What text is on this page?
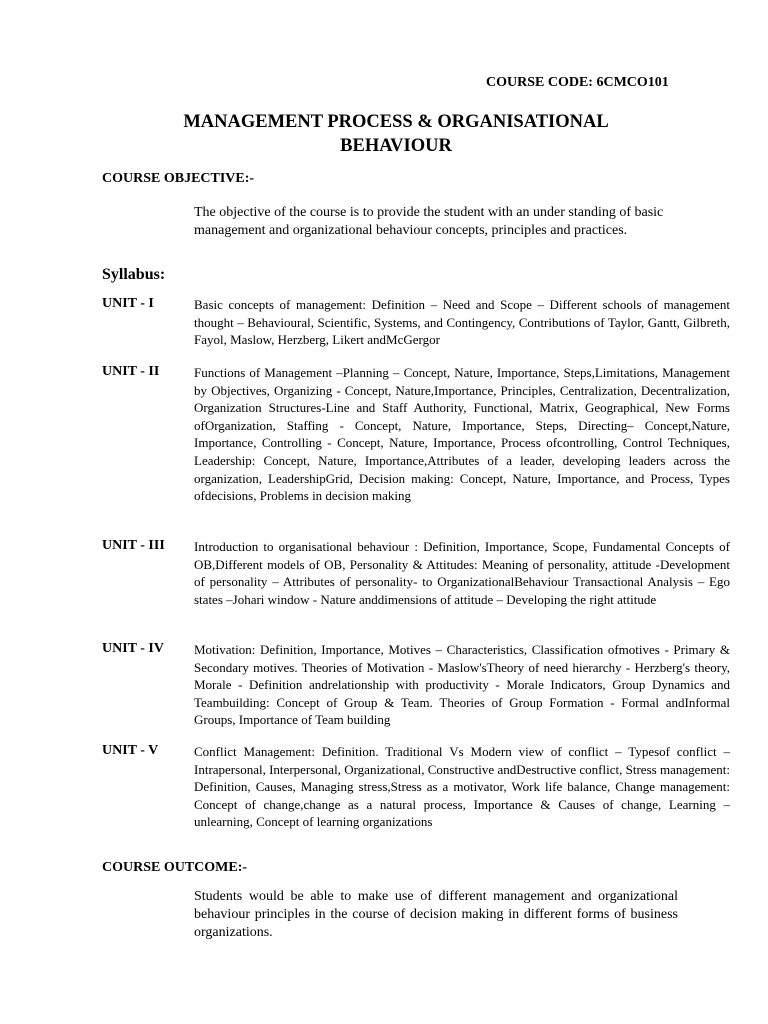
COURSE CODE: 6CMCO101
MANAGEMENT PROCESS & ORGANISATIONAL
BEHAVIOUR
COURSE OBJECTIVE:-
The objective of the course is to provide the student with an under standing of basic management and organizational behaviour concepts, principles and practices.
Syllabus:
UNIT - I	Basic concepts of management: Definition – Need and Scope – Different schools of management thought – Behavioural, Scientific, Systems, and Contingency, Contributions of Taylor, Gantt, Gilbreth, Fayol, Maslow, Herzberg, Likert andMcGergor
UNIT - II	Functions of Management –Planning – Concept, Nature, Importance, Steps,Limitations, Management by Objectives, Organizing - Concept, Nature,Importance, Principles, Centralization, Decentralization, Organization Structures-Line and Staff Authority, Functional, Matrix, Geographical, New Forms ofOrganization, Staffing - Concept, Nature, Importance, Steps, Directing– Concept,Nature, Importance, Controlling - Concept, Nature, Importance, Process ofcontrolling, Control Techniques, Leadership: Concept, Nature, Importance,Attributes of a leader, developing leaders across the organization, LeadershipGrid, Decision making: Concept, Nature, Importance, and Process, Types ofdecisions, Problems in decision making
UNIT - III Introduction to organisational behaviour : Definition, Importance, Scope, Fundamental Concepts of OB,Different models of OB, Personality & Attitudes: Meaning of personality, attitude -Development of personality – Attributes of personality- to OrganizationalBehaviour Transactional Analysis – Ego states –Johari window - Nature anddimensions of attitude – Developing the right attitude
UNIT - IV Motivation: Definition, Importance, Motives – Characteristics, Classification ofmotives - Primary & Secondary motives. Theories of Motivation - Maslow'sTheory of need hierarchy - Herzberg's theory, Morale - Definition andrelationship with productivity - Morale Indicators, Group Dynamics and Teambuilding: Concept of Group & Team. Theories of Group Formation - Formal andInformal Groups, Importance of Team building
UNIT - V	Conflict Management: Definition. Traditional Vs Modern view of conflict – Typesof conflict – Intrapersonal, Interpersonal, Organizational, Constructive andDestructive conflict, Stress management: Definition, Causes, Managing stress,Stress as a motivator, Work life balance, Change management: Concept of change,change as a natural process, Importance & Causes of change, Learning –unlearning, Concept of learning organizations
COURSE OUTCOME:-
Students would be able to make use of different management and organizational behaviour principles in the course of decision making in different forms of business organizations.
